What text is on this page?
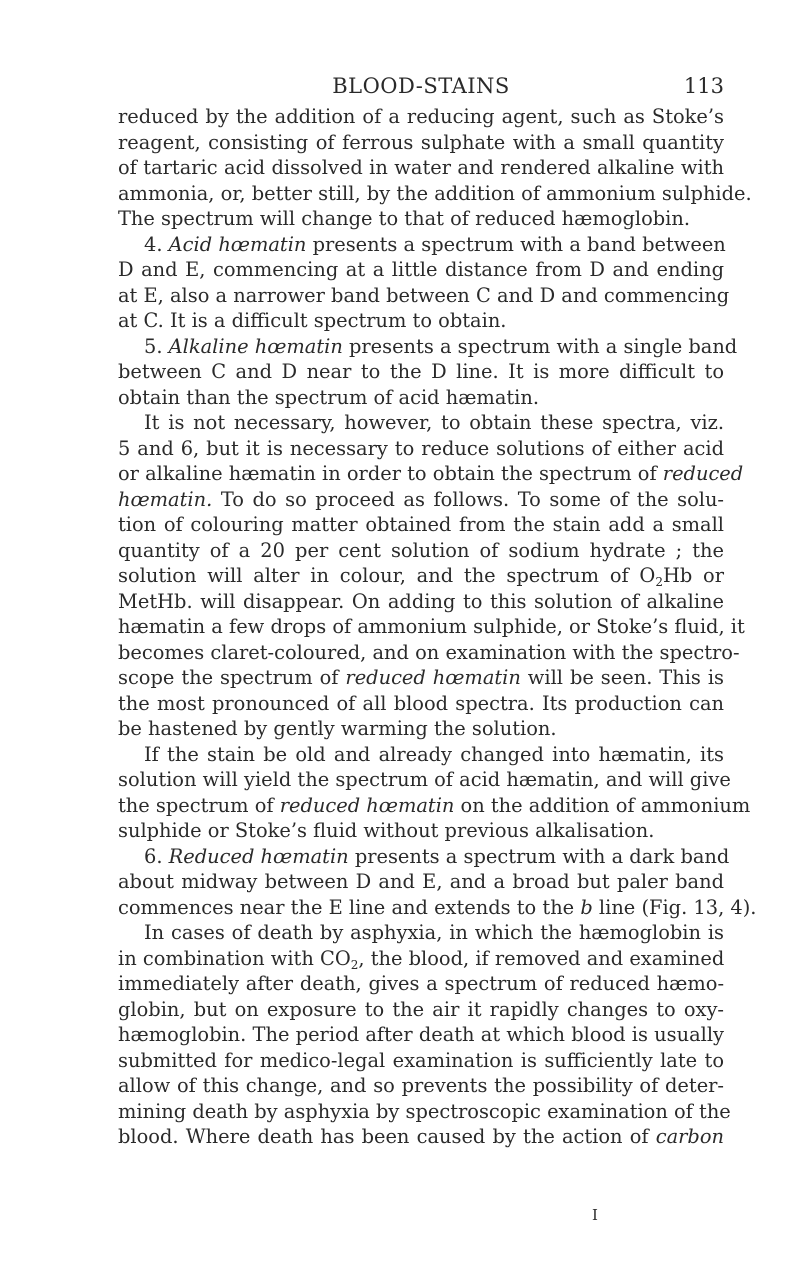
BLOOD-STAINS	113
reduced by the addition of a reducing agent, such as Stoke’s
reagent, consisting of ferrous sulphate with a small quantity
of tartaric acid dissolved in water and rendered alkaline with
ammonia, or, better still, by the addition of ammonium sulphide.
The spectrum will change to that of reduced hæmoglobin.
4. Acid hœmatin presents a spectrum with a band between
D and E, commencing at a little distance from D and ending
at E, also a narrower band between C and D and commencing
at C. It is a difficult spectrum to obtain.
5. Alkaline hœmatin presents a spectrum with a single band
between C and D near to the D line. It is more difficult to
obtain than the spectrum of acid hæmatin.
It is not necessary, however, to obtain these spectra, viz.
5 and 6, but it is necessary to reduce solutions of either acid
or alkaline hæmatin in order to obtain the spectrum of reduced
hœmatin. To do so proceed as follows. To some of the solu-
tion of colouring matter obtained from the stain add a small
quantity of a 20 per cent solution of sodium hydrate ; the
solution will alter in colour, and the spectrum of $O_2Hb$ or
MetHb. will disappear. On adding to this solution of alkaline
hæmatin a few drops of ammonium sulphide, or Stoke’s fluid, it
becomes claret-coloured, and on examination with the spectro-
scope the spectrum of reduced hœmatin will be seen. This is
the most pronounced of all blood spectra. Its production can
be hastened by gently warming the solution.
If the stain be old and already changed into hæmatin, its
solution will yield the spectrum of acid hæmatin, and will give
the spectrum of reduced hœmatin on the addition of ammonium
sulphide or Stoke’s fluid without previous alkalisation.
6. Reduced hœmatin presents a spectrum with a dark band
about midway between D and E, and a broad but paler band
commences near the E line and extends to the b line (Fig. 13, 4).
In cases of death by asphyxia, in which the hæmoglobin is
in combination with $CO_2$, the blood, if removed and examined
immediately after death, gives a spectrum of reduced hæmo-
globin, but on exposure to the air it rapidly changes to oxy-
hæmoglobin. The period after death at which blood is usually
submitted for medico-legal examination is sufficiently late to
allow of this change, and so prevents the possibility of deter-
mining death by asphyxia by spectroscopic examination of the
blood. Where death has been caused by the action of carbon
I
